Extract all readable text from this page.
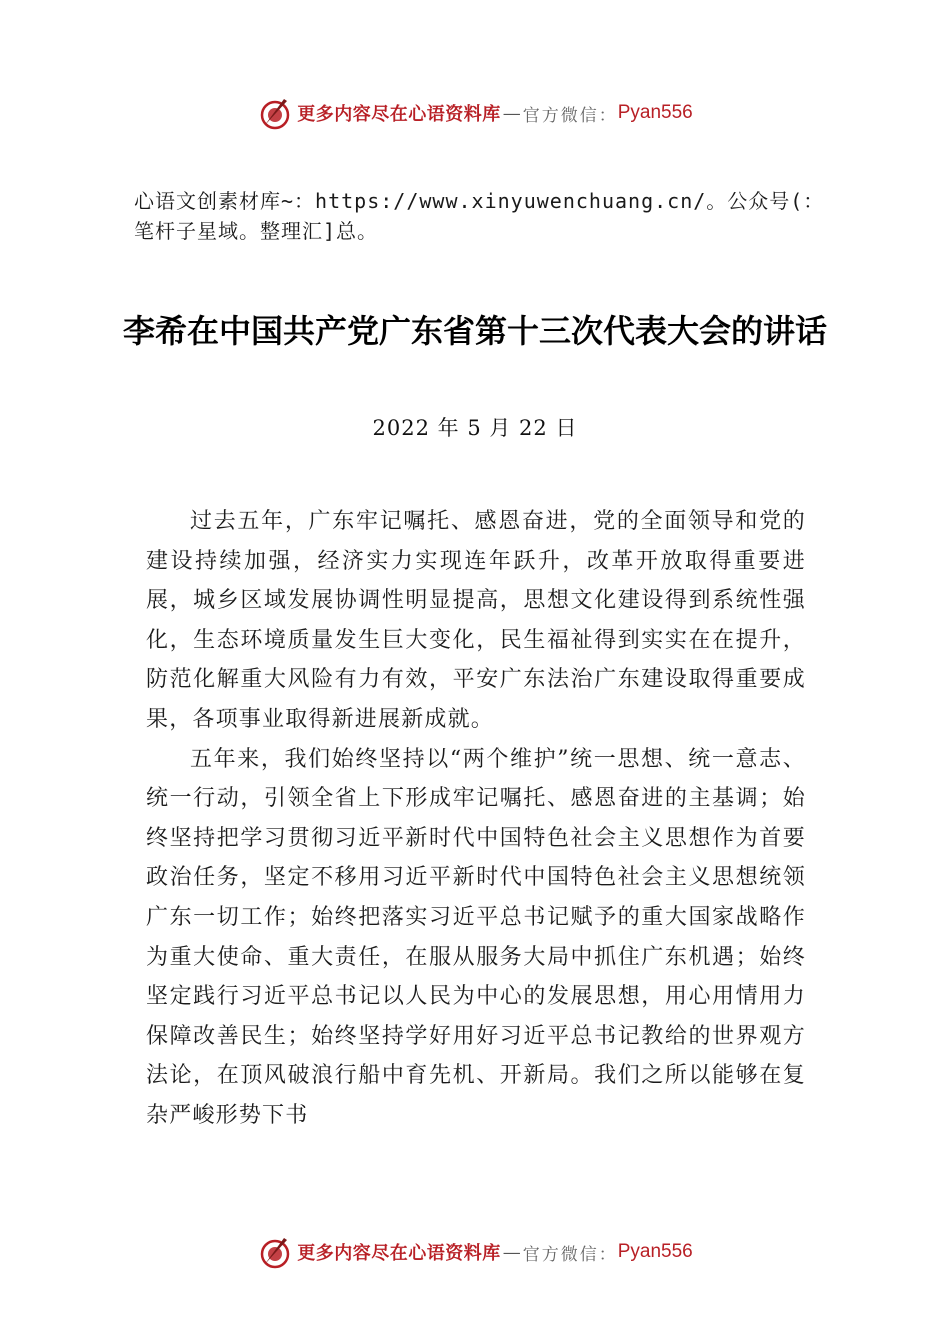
更多内容尽在心语资料库 — 官方微信： Pyan556
心语文创素材库~：https://www.xinyuwenchuang.cn/。公众号(：笔杆子星域。整理汇]总。
李希在中国共产党广东省第十三次代表大会的讲话
2022 年 5 月 22 日

过去五年，广东牢记嘱托、感恩奋进，党的全面领导和党的建设持续加强，经济实力实现连年跃升，改革开放取得重要进展，城乡区域发展协调性明显提高，思想文化建设得到系统性强化，生态环境质量发生巨大变化，民生福祉得到实实在在提升，防范化解重大风险有力有效，平安广东法治广东建设取得重要成果，各项事业取得新进展新成就。

五年来，我们始终坚持以“两个维护”统一思想、统一意志、统一行动，引领全省上下形成牢记嘱托、感恩奋进的主基调；始终坚持把学习贯彻习近平新时代中国特色社会主义思想作为首要政治任务，坚定不移用习近平新时代中国特色社会主义思想统领广东一切工作；始终把落实习近平总书记赋予的重大国家战略作为重大使命、重大责任，在服从服务大局中抓住广东机遇；始终坚定践行习近平总书记以人民为中心的发展思想，用心用情用力保障改善民生；始终坚持学好用好习近平总书记教给的世界观方法论，在顶风破浪行船中育先机、开新局。我们之所以能够在复杂严峻形势下书

更多内容尽在心语资料库 — 官方微信： Pyan556
